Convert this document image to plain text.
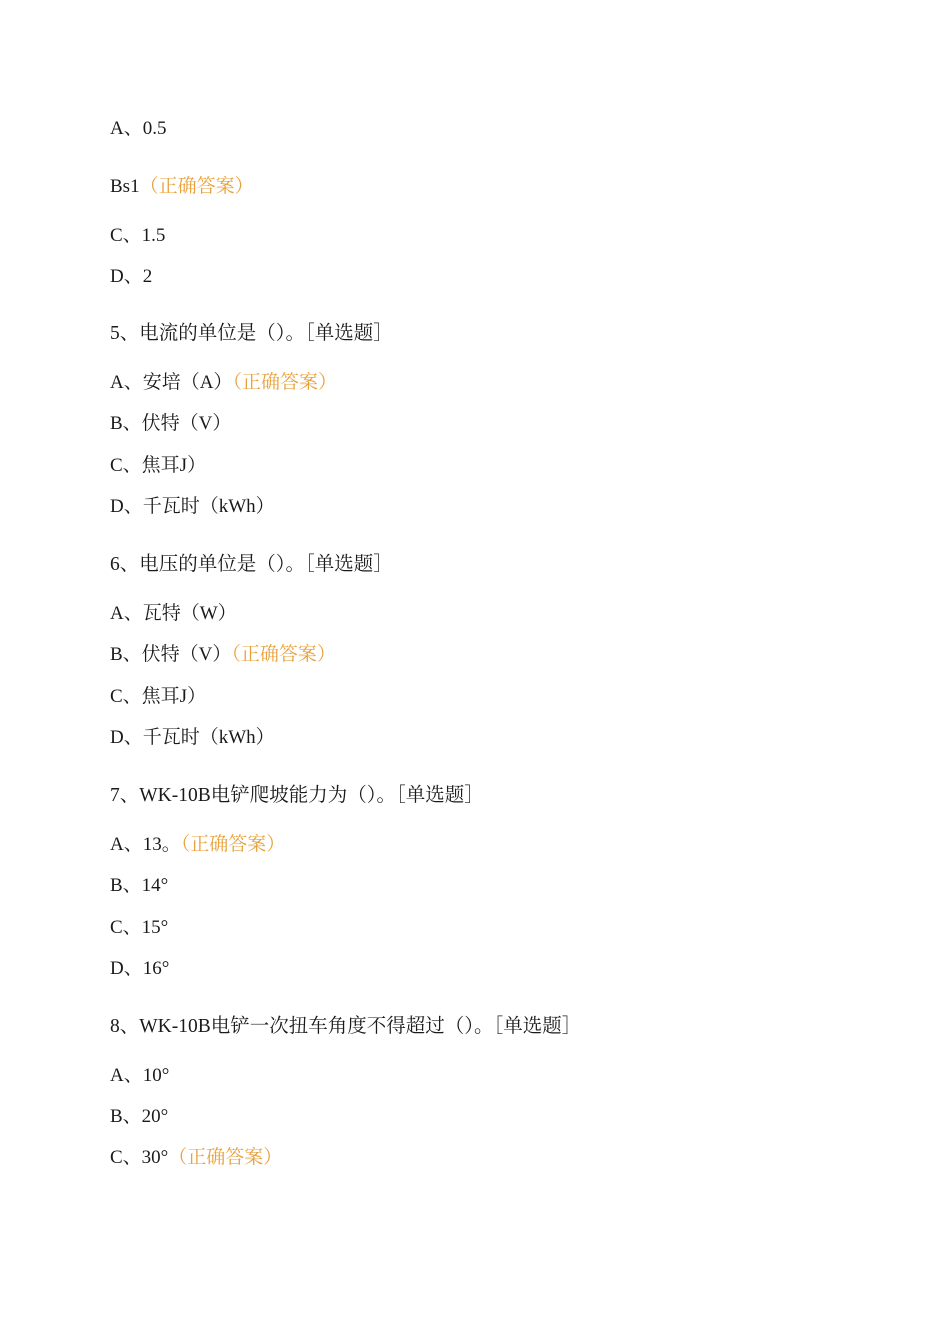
A、0.5
Bs1（正确答案）
C、1.5
D、2
5、电流的单位是（）。［单选题］
A、安培（A）（正确答案）
B、伏特（V）
C、焦耳J）
D、千瓦时（kWh）
6、电压的单位是（）。［单选题］
A、瓦特（W）
B、伏特（V）（正确答案）
C、焦耳J）
D、千瓦时（kWh）
7、WK-10B电铲爬坡能力为（）。［单选题］
A、13。（正确答案）
B、14°
C、15°
D、16°
8、WK-10B电铲一次扭车角度不得超过（）。［单选题］
A、10°
B、20°
C、30°（正确答案）
